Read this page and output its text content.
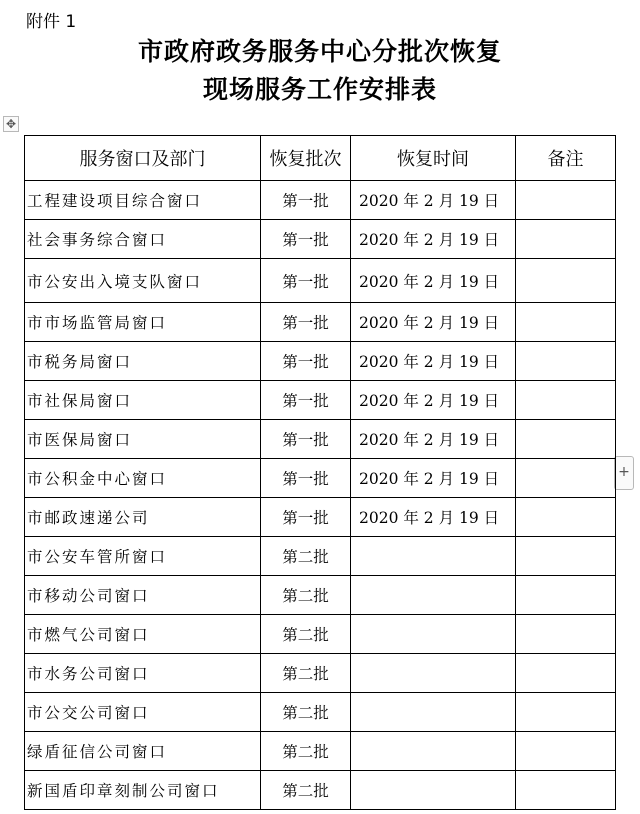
附件 1
市政府政务服务中心分批次恢复
现场服务工作安排表
✥
+
服务窗口及部门	恢复批次	恢复时间	备注
工程建设项目综合窗口	第一批	2020 年 2 月 19 日	
社会事务综合窗口	第一批	2020 年 2 月 19 日	
市公安出入境支队窗口	第一批	2020 年 2 月 19 日	
市市场监管局窗口	第一批	2020 年 2 月 19 日	
市税务局窗口	第一批	2020 年 2 月 19 日	
市社保局窗口	第一批	2020 年 2 月 19 日	
市医保局窗口	第一批	2020 年 2 月 19 日	
市公积金中心窗口	第一批	2020 年 2 月 19 日	
市邮政速递公司	第一批	2020 年 2 月 19 日	
市公安车管所窗口	第二批		
市移动公司窗口	第二批		
市燃气公司窗口	第二批		
市水务公司窗口	第二批		
市公交公司窗口	第二批		
绿盾征信公司窗口	第二批		
新国盾印章刻制公司窗口	第二批		
